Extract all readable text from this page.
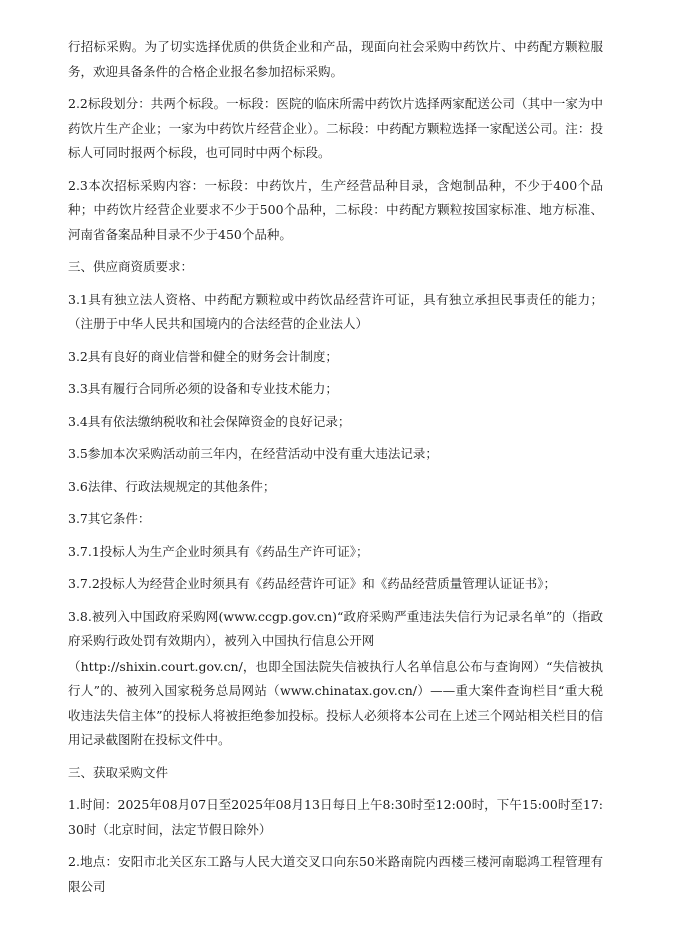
行招标采购。为了切实选择优质的供货企业和产品，现面向社会采购中药饮片、中药配方颗粒服务，欢迎具备条件的合格企业报名参加招标采购。

2.2标段划分：共两个标段。一标段：医院的临床所需中药饮片选择两家配送公司（其中一家为中药饮片生产企业；一家为中药饮片经营企业）。二标段：中药配方颗粒选择一家配送公司。注：投标人可同时报两个标段，也可同时中两个标段。

2.3本次招标采购内容：一标段：中药饮片，生产经营品种目录，含炮制品种，不少于400个品种；中药饮片经营企业要求不少于500个品种，二标段：中药配方颗粒按国家标准、地方标准、河南省备案品种目录不少于450个品种。

三、供应商资质要求：

3.1具有独立法人资格、中药配方颗粒或中药饮品经营许可证，具有独立承担民事责任的能力；（注册于中华人民共和国境内的合法经营的企业法人）

3.2具有良好的商业信誉和健全的财务会计制度；

3.3具有履行合同所必须的设备和专业技术能力；

3.4具有依法缴纳税收和社会保障资金的良好记录；

3.5参加本次采购活动前三年内，在经营活动中没有重大违法记录；

3.6法律、行政法规规定的其他条件；

3.7其它条件：

3.7.1投标人为生产企业时须具有《药品生产许可证》；

3.7.2投标人为经营企业时须具有《药品经营许可证》和《药品经营质量管理认证证书》；

3.8.被列入中国政府采购网(www.ccgp.gov.cn)“政府采购严重违法失信行为记录名单”的（指政府采购行政处罚有效期内），被列入中国执行信息公开网

（http://shixin.court.gov.cn/，也即全国法院失信被执行人名单信息公布与查询网）“失信被执行人”的、被列入国家税务总局网站（www.chinatax.gov.cn/）——重大案件查询栏目“重大税收违法失信主体”的投标人将被拒绝参加投标。投标人必须将本公司在上述三个网站相关栏目的信用记录截图附在投标文件中。

三、获取采购文件

1.时间：2025年08月07日至2025年08月13日每日上午8:30时至12:00时，下午15:00时至17:30时（北京时间，法定节假日除外）

2.地点：安阳市北关区东工路与人民大道交叉口向东50米路南院内西楼三楼河南聪鸿工程管理有限公司
